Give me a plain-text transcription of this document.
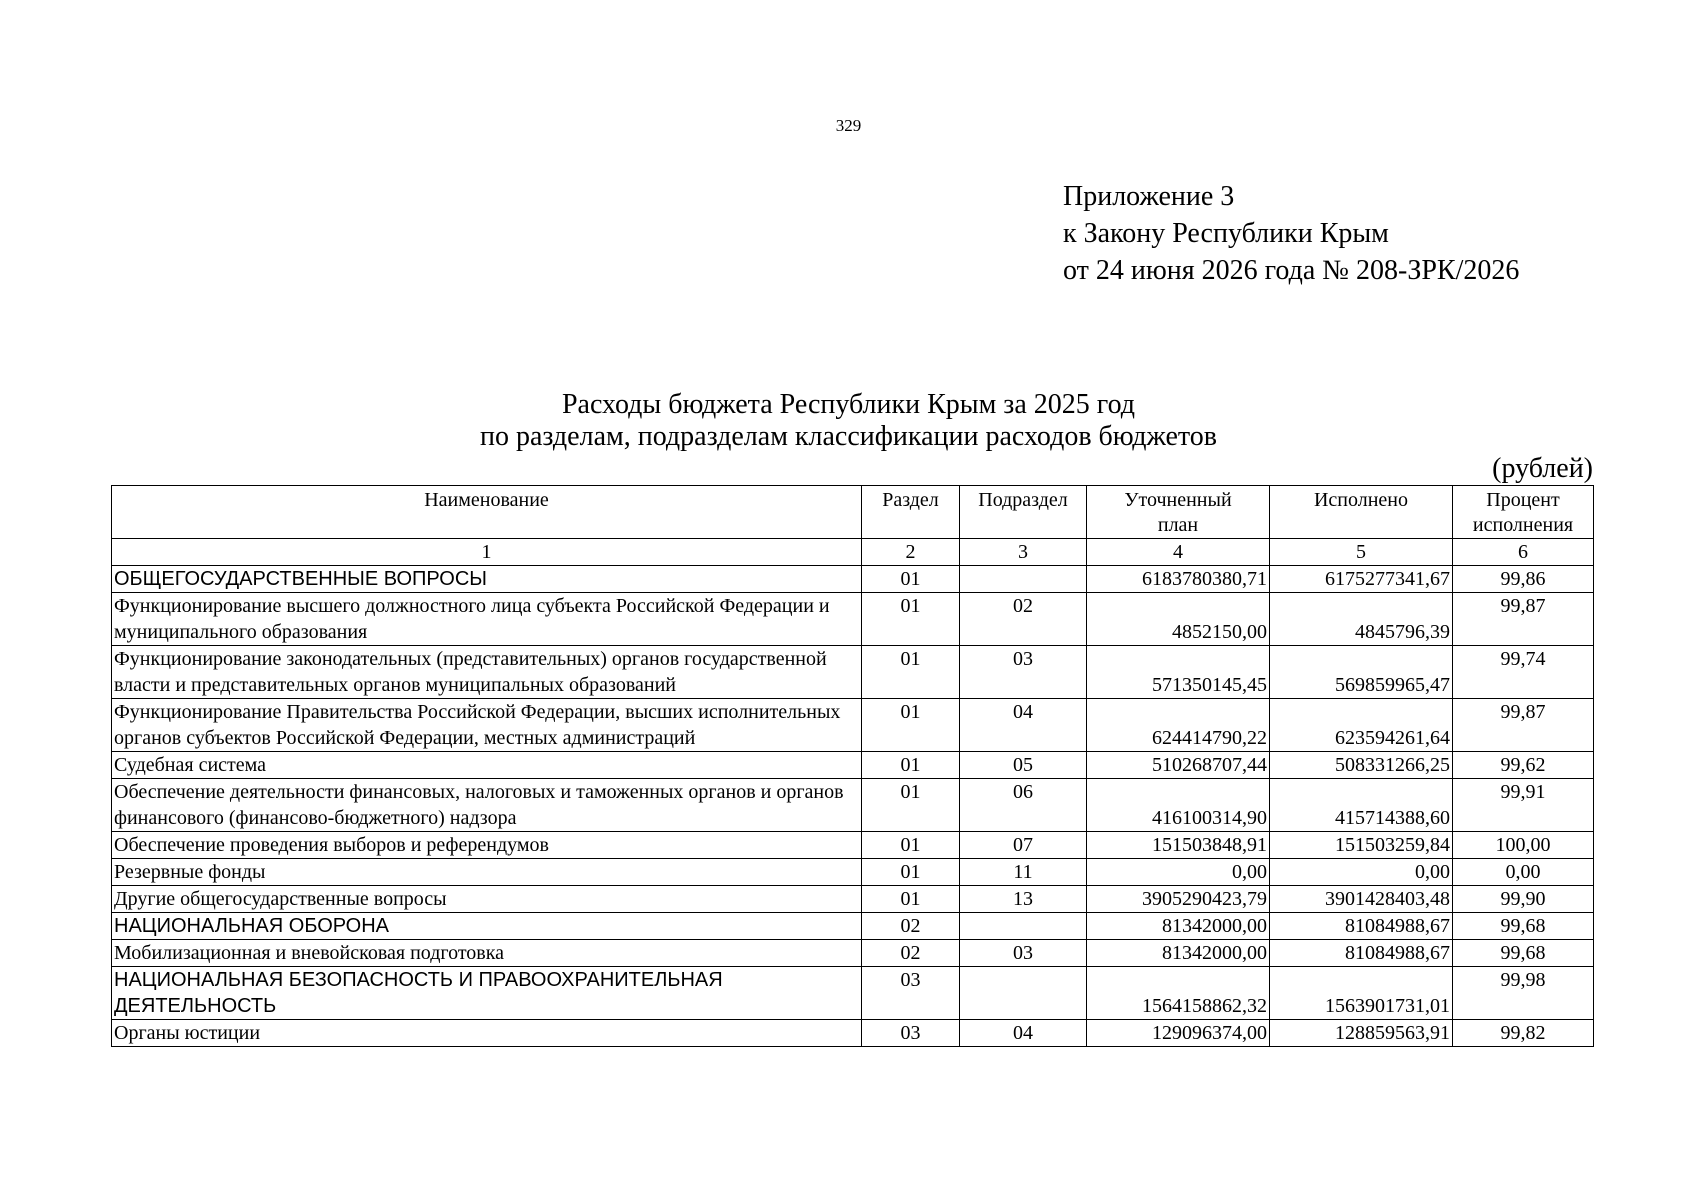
329
Приложение 3
к Закону Республики Крым
от 24 июня 2026 года № 208-ЗРК/2026
Расходы бюджета Республики Крым за 2025 год
по разделам, подразделам классификации расходов бюджетов
(рублей)
Наименование	Раздел	Подраздел	Уточненный план	Исполнено	Процент исполнения
1	2	3	4	5	6
ОБЩЕГОСУДАРСТВЕННЫЕ ВОПРОСЫ	01		6183780380,71	6175277341,67	99,86
Функционирование высшего должностного лица субъекта Российской Федерации и муниципального образования	01	02	4852150,00	4845796,39	99,87
Функционирование законодательных (представительных) органов государственной власти и представительных органов муниципальных образований	01	03	571350145,45	569859965,47	99,74
Функционирование Правительства Российской Федерации, высших исполнительных органов субъектов Российской Федерации, местных администраций	01	04	624414790,22	623594261,64	99,87
Судебная система	01	05	510268707,44	508331266,25	99,62
Обеспечение деятельности финансовых, налоговых и таможенных органов и органов финансового (финансово-бюджетного) надзора	01	06	416100314,90	415714388,60	99,91
Обеспечение проведения выборов и референдумов	01	07	151503848,91	151503259,84	100,00
Резервные фонды	01	11	0,00	0,00	0,00
Другие общегосударственные вопросы	01	13	3905290423,79	3901428403,48	99,90
НАЦИОНАЛЬНАЯ ОБОРОНА	02		81342000,00	81084988,67	99,68
Мобилизационная и вневойсковая подготовка	02	03	81342000,00	81084988,67	99,68
НАЦИОНАЛЬНАЯ БЕЗОПАСНОСТЬ И ПРАВООХРАНИТЕЛЬНАЯ ДЕЯТЕЛЬНОСТЬ	03		1564158862,32	1563901731,01	99,98
Органы юстиции	03	04	129096374,00	128859563,91	99,82
